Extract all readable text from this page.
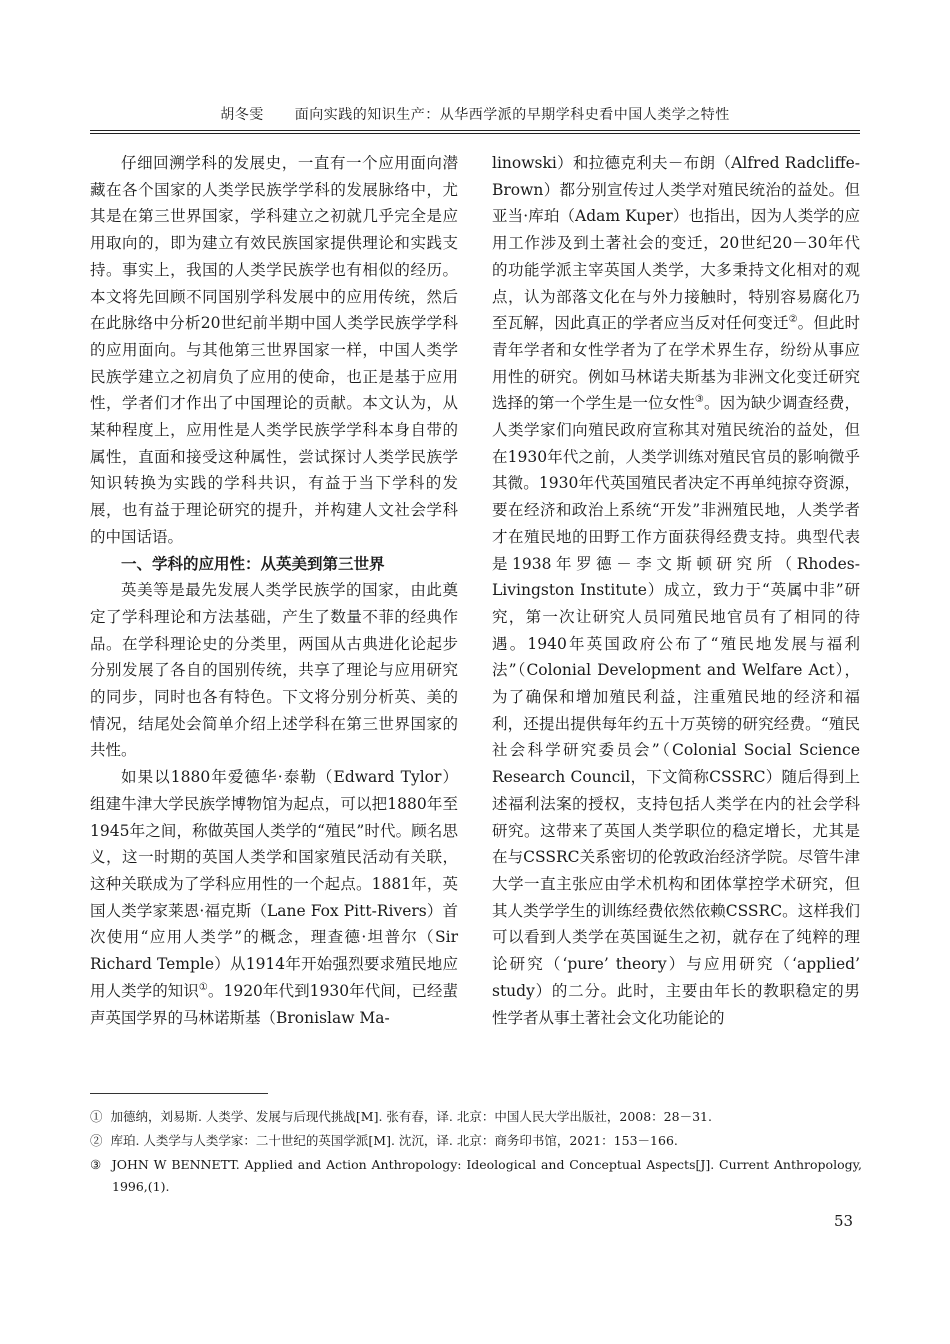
胡冬雯 面向实践的知识生产：从华西学派的早期学科史看中国人类学之特性

仔细回溯学科的发展史，一直有一个应用面向潜藏在各个国家的人类学民族学学科的发展脉络中，尤其是在第三世界国家，学科建立之初就几乎完全是应用取向的，即为建立有效民族国家提供理论和实践支持。事实上，我国的人类学民族学也有相似的经历。本文将先回顾不同国别学科发展中的应用传统，然后在此脉络中分析20世纪前半期中国人类学民族学学科的应用面向。与其他第三世界国家一样，中国人类学民族学建立之初肩负了应用的使命，也正是基于应用性，学者们才作出了中国理论的贡献。本文认为，从某种程度上，应用性是人类学民族学学科本身自带的属性，直面和接受这种属性，尝试探讨人类学民族学知识转换为实践的学科共识，有益于当下学科的发展，也有益于理论研究的提升，并构建人文社会学科的中国话语。

一、学科的应用性：从英美到第三世界

英美等是最先发展人类学民族学的国家，由此奠定了学科理论和方法基础，产生了数量不菲的经典作品。在学科理论史的分类里，两国从古典进化论起步分别发展了各自的国别传统，共享了理论与应用研究的同步，同时也各有特色。下文将分别分析英、美的情况，结尾处会简单介绍上述学科在第三世界国家的共性。

如果以1880年爱德华·泰勒（Edward Tylor）组建牛津大学民族学博物馆为起点，可以把1880年至1945年之间，称做英国人类学的“殖民”时代。顾名思义，这一时期的英国人类学和国家殖民活动有关联，这种关联成为了学科应用性的一个起点。1881年，英国人类学家莱恩·福克斯（Lane Fox Pitt-Rivers）首次使用“应用人类学”的概念，理查德·坦普尔（Sir Richard Temple）从1914年开始强烈要求殖民地应用人类学的知识①。1920年代到1930年代间，已经蜚声英国学界的马林诺斯基（Bronislaw Ma-

linowski）和拉德克利夫－布朗（Alfred Radcliffe-Brown）都分别宣传过人类学对殖民统治的益处。但亚当·库珀（Adam Kuper）也指出，因为人类学的应用工作涉及到土著社会的变迁，20世纪20－30年代的功能学派主宰英国人类学，大多秉持文化相对的观点，认为部落文化在与外力接触时，特别容易腐化乃至瓦解，因此真正的学者应当反对任何变迁②。但此时青年学者和女性学者为了在学术界生存，纷纷从事应用性的研究。例如马林诺夫斯基为非洲文化变迁研究选择的第一个学生是一位女性③。因为缺少调查经费，人类学家们向殖民政府宣称其对殖民统治的益处，但在1930年代之前，人类学训练对殖民官员的影响微乎其微。1930年代英国殖民者决定不再单纯掠夺资源，要在经济和政治上系统“开发”非洲殖民地，人类学者才在殖民地的田野工作方面获得经费支持。典型代表是1938年罗德－李文斯顿研究所（Rhodes-Livingston Institute）成立，致力于“英属中非”研究，第一次让研究人员同殖民地官员有了相同的待遇。1940年英国政府公布了“殖民地发展与福利法”（Colonial Development and Welfare Act），为了确保和增加殖民利益，注重殖民地的经济和福利，还提出提供每年约五十万英镑的研究经费。“殖民社会科学研究委员会”（Colonial Social Science Research Council，下文简称CSSRC）随后得到上述福利法案的授权，支持包括人类学在内的社会学科研究。这带来了英国人类学职位的稳定增长，尤其是在与CSSRC关系密切的伦敦政治经济学院。尽管牛津大学一直主张应由学术机构和团体掌控学术研究，但其人类学学生的训练经费依然依赖CSSRC。这样我们可以看到人类学在英国诞生之初，就存在了纯粹的理论研究（‘pure’ theory）与应用研究（‘applied’ study）的二分。此时，主要由年长的教职稳定的男性学者从事土著社会文化功能论的

① 加德纳，刘易斯. 人类学、发展与后现代挑战[M]. 张有春，译. 北京：中国人民大学出版社，2008：28－31.

② 库珀. 人类学与人类学家：二十世纪的英国学派[M]. 沈沉，译. 北京：商务印书馆，2021：153－166.

③ JOHN W BENNETT. Applied and Action Anthropology: Ideological and Conceptual Aspects[J]. Current Anthropology, 1996,(1).

53
